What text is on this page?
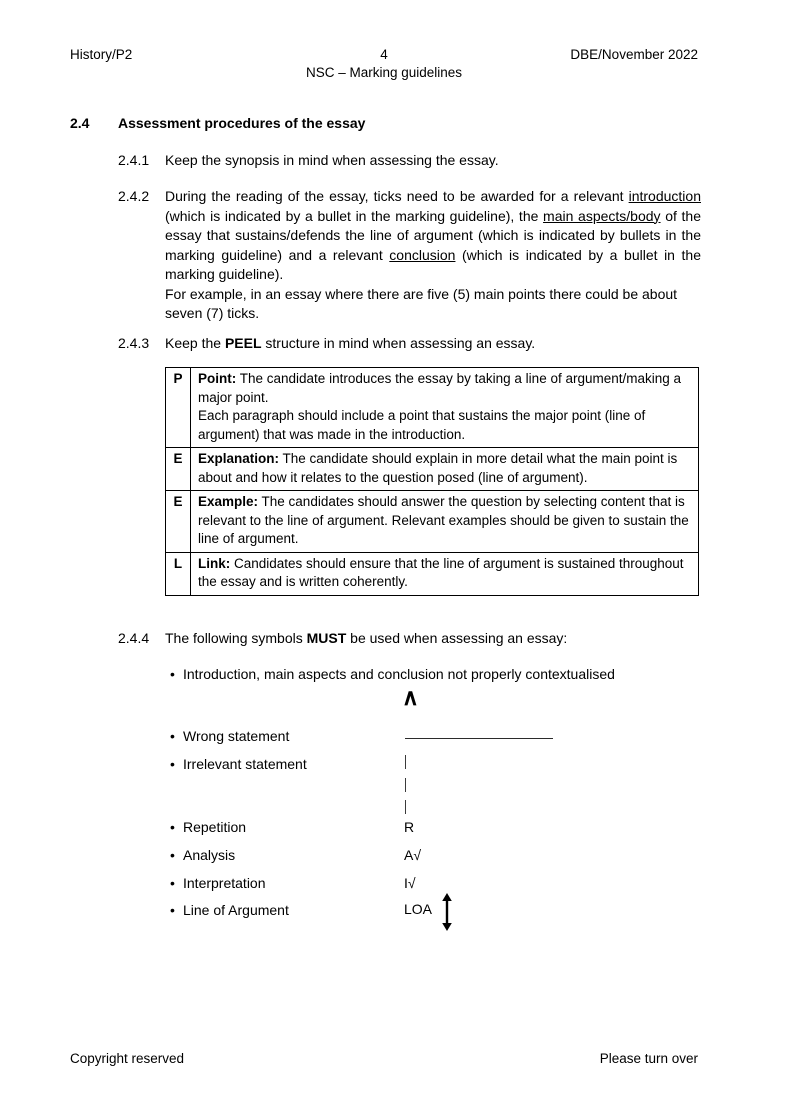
History/P2	4	DBE/November 2022
NSC – Marking guidelines
2.4 Assessment procedures of the essay
2.4.1	Keep the synopsis in mind when assessing the essay.
2.4.2	During the reading of the essay, ticks need to be awarded for a relevant introduction (which is indicated by a bullet in the marking guideline), the main aspects/body of the essay that sustains/defends the line of argument (which is indicated by bullets in the marking guideline) and a relevant conclusion (which is indicated by a bullet in the marking guideline).
For example, in an essay where there are five (5) main points there could be about seven (7) ticks.
2.4.3	Keep the PEEL structure in mind when assessing an essay.
P	Point: The candidate introduces the essay by taking a line of argument/making a major point.
Each paragraph should include a point that sustains the major point (line of argument) that was made in the introduction.

E	Explanation: The candidate should explain in more detail what the main point is about and how it relates to the question posed (line of argument).
E	Example: The candidates should answer the question by selecting content that is relevant to the line of argument. Relevant examples should be given to sustain the line of argument.
L	Link: Candidates should ensure that the line of argument is sustained throughout the essay and is written coherently.
2.4.4	The following symbols MUST be used when assessing an essay:
• Introduction, main aspects and conclusion not properly contextualised
∧
• Wrong statement
• Irrelevant statement
• Repetition	R
• Analysis	A√
• Interpretation	I√
• Line of Argument	LOA
Copyright reserved	Please turn over
